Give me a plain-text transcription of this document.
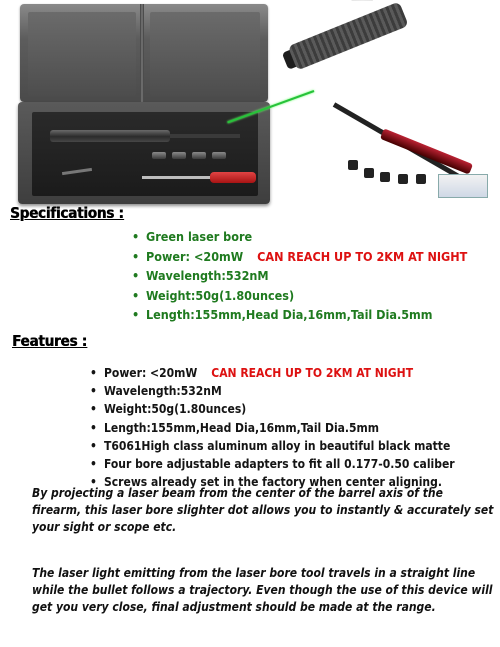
Specifications :
• Green laser bore
• Power: <20mW CAN REACH UP TO 2KM AT NIGHT
• Wavelength:532nM
• Weight:50g(1.80unces)
• Length:155mm,Head Dia,16mm,Tail Dia.5mm
Features :
• Power: <20mW CAN REACH UP TO 2KM AT NIGHT
• Wavelength:532nM
• Weight:50g(1.80unces)
• Length:155mm,Head Dia,16mm,Tail Dia.5mm
• T6061High class aluminum alloy in beautiful black matte
• Four bore adjustable adapters to fit all 0.177-0.50 caliber
• Screws already set in the factory when center aligning.

By projecting a laser beam from the center of the barrel axis of the firearm, this laser bore slighter dot allows you to instantly & accurately set your sight or scope etc.

The laser light emitting from the laser bore tool travels in a straight line while the bullet follows a trajectory. Even though the use of this device will get you very close, final adjustment should be made at the range.
